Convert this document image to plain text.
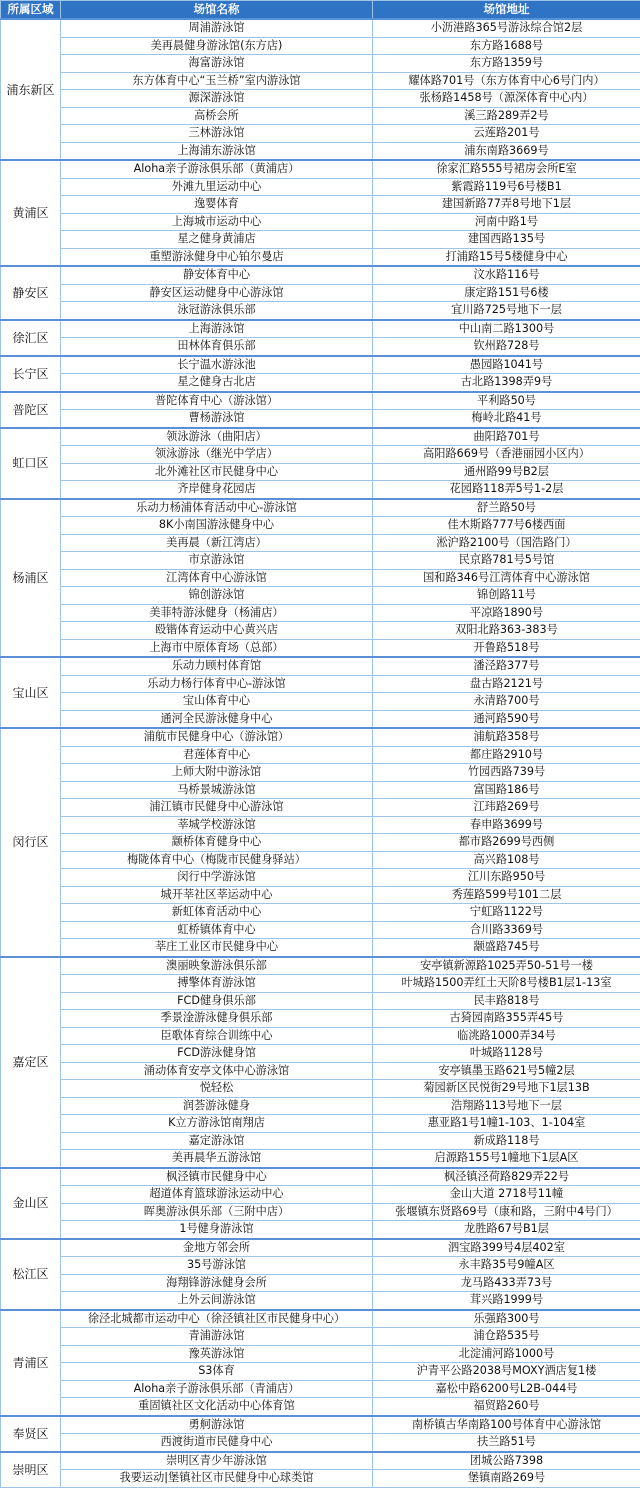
所属区域	场馆名称	场馆地址
浦东新区	周浦游泳馆	小沥港路365号游泳综合馆2层
	美再晨健身游泳馆(东方店)	东方路1688号
	海富游泳馆	东方路1359号
	东方体育中心“玉兰桥”室内游泳馆	耀体路701号（东方体育中心6号门内）
	源深游泳馆	张杨路1458号（源深体育中心内）
	高桥会所	溪三路289弄2号
	三林游泳馆	云莲路201号
	上海浦东游泳馆	浦东南路3669号
黄浦区	Aloha亲子游泳俱乐部（黄浦店）	徐家汇路555号裙房会所E室
	外滩九里运动中心	紫霞路119号6号楼B1
	逸婴体育	建国新路77弄8号地下1层
	上海城市运动中心	河南中路1号
	星之健身黄浦店	建国西路135号
	重塑游泳健身中心铂尔曼店	打浦路15号5楼健身中心
静安区	静安体育中心	汶水路116号
	静安区运动健身中心游泳馆	康定路151号6楼
	泳冠游泳俱乐部	宜川路725号地下一层
徐汇区	上海游泳馆	中山南二路1300号
	田林体育俱乐部	钦州路728号
长宁区	长宁温水游泳池	愚园路1041号
	星之健身古北店	古北路1398弄9号
普陀区	普陀体育中心（游泳馆）	平利路50号
	曹杨游泳馆	梅岭北路41号
虹口区	领泳游泳（曲阳店）	曲阳路701号
	领泳游泳（继光中学店）	高阳路669号（香港丽园小区内）
	北外滩社区市民健身中心	通州路99号B2层
	齐岸健身花园店	花园路118弄5号1-2层
杨浦区	乐动力杨浦体育活动中心-游泳馆	舒兰路50号
	8K小南国游泳健身中心	佳木斯路777号6楼西面
	美再晨（新江湾店）	淞沪路2100号（国浩路门）
	市京游泳馆	民京路781号5号馆
	江湾体育中心游泳馆	国和路346号江湾体育中心游泳馆
	锦创游泳馆	锦创路11号
	美菲特游泳健身（杨浦店）	平凉路1890号
	殴锴体育运动中心黄兴店	双阳北路363-383号
	上海市中原体育场（总部）	开鲁路518号
宝山区	乐动力顾村体育馆	潘泾路377号
	乐动力杨行体育中心-游泳馆	盘古路2121号
	宝山体育中心	永清路700号
	通河全民游泳健身中心	通河路590号
闵行区	浦航市民健身中心（游泳馆）	浦航路358号
	君莲体育中心	都庄路2910号
	上师大附中游泳馆	竹园西路739号
	马桥景城游泳馆	富国路186号
	浦江镇市民健身中心游泳馆	江玮路269号
	莘城学校游泳馆	春申路3699号
	颛桥体育健身中心	都市路2699号西侧
	梅陇体育中心（梅陇市民健身驿站）	高兴路108号
	闵行中学游泳馆	江川东路950号
	城开莘社区莘运动中心	秀莲路599号101二层
	新虹体育活动中心	宁虹路1122号
	虹桥镇体育中心	合川路3369号
	莘庄工业区市民健身中心	颛盛路745号
嘉定区	澳丽映象游泳俱乐部	安亭镇新源路1025弄50-51号一楼
	搏擎体育游泳馆	叶城路1500弄红土天阶8号楼B1层1-13室
	FCD健身俱乐部	民丰路818号
	季景淦游泳健身俱乐部	古猗园南路355弄45号
	臣歌体育综合训练中心	临洮路1000弄34号
	FCD游泳健身馆	叶城路1128号
	涌动体育安亭文体中心游泳馆	安亭镇墨玉路621号5幢2层
	悦轻松	菊园新区民悦街29号地下1层13B
	润荟游泳健身	浩翔路113号地下一层
	K立方游泳馆南翔店	惠亚路1号1幢1-103、1-104室
	嘉定游泳馆	新成路118号
	美再晨华五游泳馆	启源路155号1幢地下1层A区
金山区	枫泾镇市民健身中心	枫泾镇泾荷路829弄22号
	超道体育篮球游泳运动中心	金山大道 2718号11幢
	晖奥游泳俱乐部（三附中店）	张堰镇东贤路69号（康和路，三附中4号门）
	1号健身游泳馆	龙胜路67号B1层
松江区	金地方邻会所	泗宝路399号4层402室
	35号游泳馆	永丰路35号9幢A区
	海翔锋游泳健身会所	龙马路433弄73号
	上外云间游泳馆	茸兴路1999号
青浦区	徐泾北城都市运动中心（徐泾镇社区市民健身中心）	乐强路300号
	青浦游泳馆	浦仓路535号
	豫英游泳馆	北淀浦河路1000号
	S3体育	沪青平公路2038号MOXY酒店复1楼
	Aloha亲子游泳俱乐部（青浦店）	嘉松中路6200号L2B-044号
	重固镇社区文化活动中心体育馆	福贸路260号
奉贤区	勇舸游泳馆	南桥镇古华南路100号体育中心游泳馆
	西渡街道市民健身中心	扶兰路51号
崇明区	崇明区青少年游泳馆	团城公路7398
	我要运动|堡镇社区市民健身中心球类馆	堡镇南路269号
